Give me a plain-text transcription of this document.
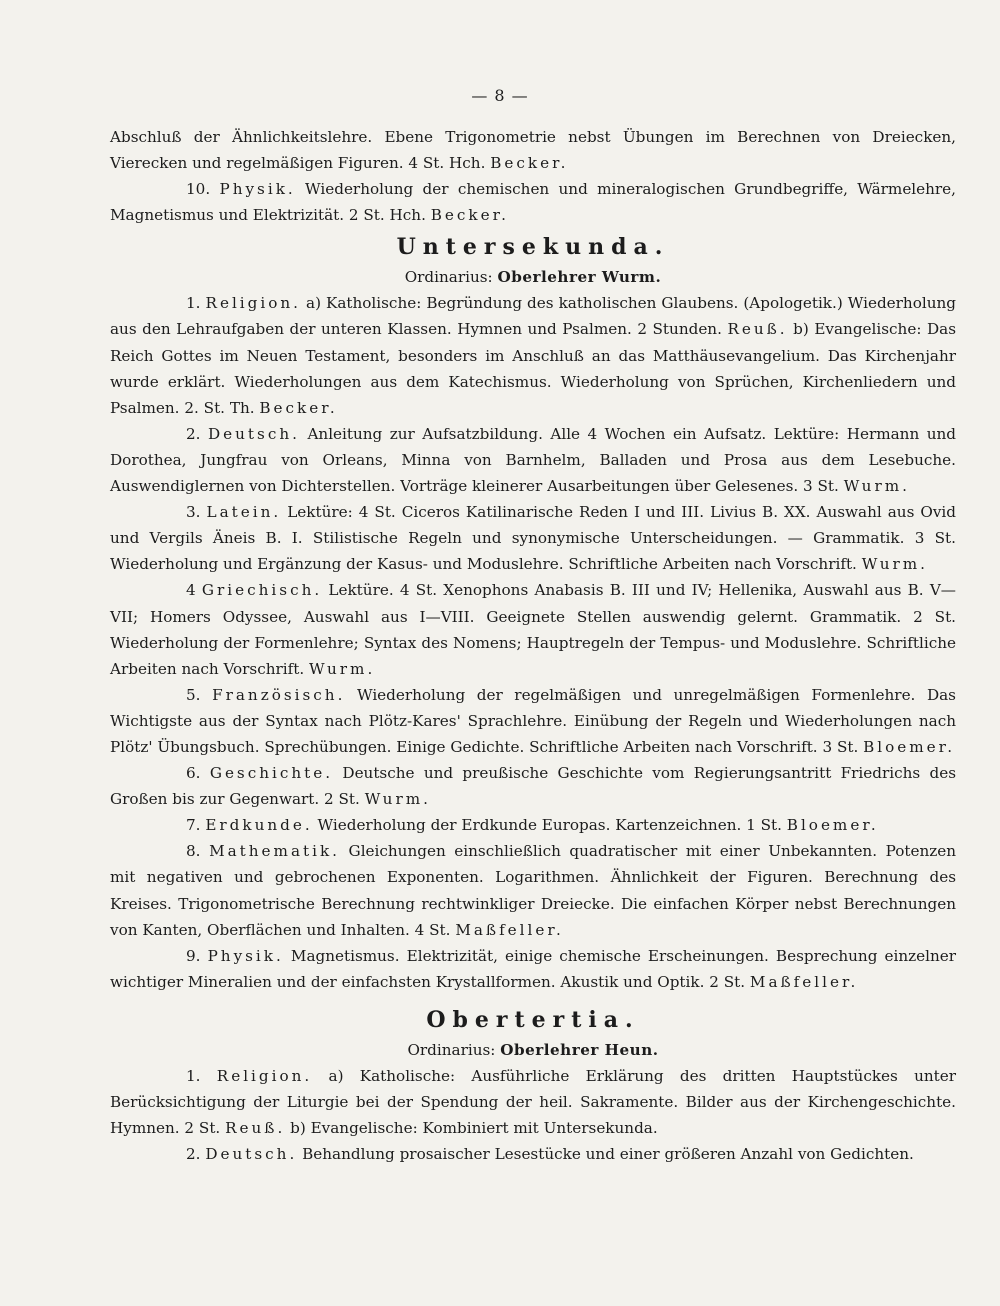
— 8 —

Abschluß der Ähnlichkeitslehre. Ebene Trigonometrie nebst Übungen im Berechnen von Dreiecken, Vierecken und regelmäßigen Figuren. 4 St. Hch. Becker.

10. Physik. Wiederholung der chemischen und mineralogischen Grundbegriffe, Wärmelehre, Magnetismus und Elektrizität. 2 St. Hch. Becker.

Untersekunda.
Ordinarius: Oberlehrer Wurm.

1. Religion. a) Katholische: Begründung des katholischen Glaubens. (Apologetik.) Wiederholung aus den Lehraufgaben der unteren Klassen. Hymnen und Psalmen. 2 Stunden. Reuß. b) Evangelische: Das Reich Gottes im Neuen Testament, besonders im Anschluß an das Matthäusevangelium. Das Kirchenjahr wurde erklärt. Wiederholungen aus dem Katechismus. Wiederholung von Sprüchen, Kirchenliedern und Psalmen. 2. St. Th. Becker.

2. Deutsch. Anleitung zur Aufsatzbildung. Alle 4 Wochen ein Aufsatz. Lektüre: Hermann und Dorothea, Jungfrau von Orleans, Minna von Barnhelm, Balladen und Prosa aus dem Lesebuche. Auswendiglernen von Dichterstellen. Vorträge kleinerer Ausarbeitungen über Gelesenes. 3 St. Wurm.

3. Latein. Lektüre: 4 St. Ciceros Katilinarische Reden I und III. Livius B. XX. Auswahl aus Ovid und Vergils Äneis B. I. Stilistische Regeln und synonymische Unterscheidungen. — Grammatik. 3 St. Wiederholung und Ergänzung der Kasus- und Moduslehre. Schriftliche Arbeiten nach Vorschrift. Wurm.

4 Griechisch. Lektüre. 4 St. Xenophons Anabasis B. III und IV; Hellenika, Auswahl aus B. V—VII; Homers Odyssee, Auswahl aus I—VIII. Geeignete Stellen auswendig gelernt. Grammatik. 2 St. Wiederholung der Formenlehre; Syntax des Nomens; Hauptregeln der Tempus- und Moduslehre. Schriftliche Arbeiten nach Vorschrift. Wurm.

5. Französisch. Wiederholung der regelmäßigen und unregelmäßigen Formenlehre. Das Wichtigste aus der Syntax nach Plötz-Kares' Sprachlehre. Einübung der Regeln und Wiederholungen nach Plötz' Übungsbuch. Sprechübungen. Einige Gedichte. Schriftliche Arbeiten nach Vorschrift. 3 St. Bloemer.

6. Geschichte. Deutsche und preußische Geschichte vom Regierungsantritt Friedrichs des Großen bis zur Gegenwart. 2 St. Wurm.

7. Erdkunde. Wiederholung der Erdkunde Europas. Kartenzeichnen. 1 St. Bloemer.

8. Mathematik. Gleichungen einschließlich quadratischer mit einer Unbekannten. Potenzen mit negativen und gebrochenen Exponenten. Logarithmen. Ähnlichkeit der Figuren. Berechnung des Kreises. Trigonometrische Berechnung rechtwinkliger Dreiecke. Die einfachen Körper nebst Berechnungen von Kanten, Oberflächen und Inhalten. 4 St. Maßfeller.

9. Physik. Magnetismus. Elektrizität, einige chemische Erscheinungen. Besprechung einzelner wichtiger Mineralien und der einfachsten Krystallformen. Akustik und Optik. 2 St. Maßfeller.

Obertertia.
Ordinarius: Oberlehrer Heun.

1. Religion. a) Katholische: Ausführliche Erklärung des dritten Hauptstückes unter Berücksichtigung der Liturgie bei der Spendung der heil. Sakramente. Bilder aus der Kirchengeschichte. Hymnen. 2 St. Reuß. b) Evangelische: Kombiniert mit Untersekunda.

2. Deutsch. Behandlung prosaischer Lesestücke und einer größeren Anzahl von Gedichten.
